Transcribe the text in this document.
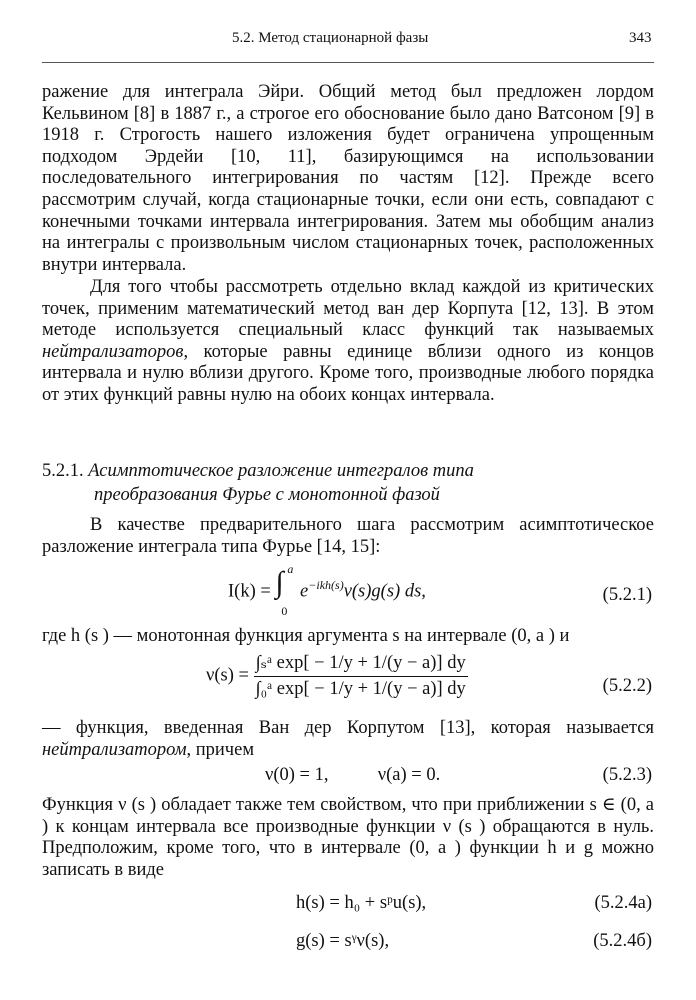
5.2. Метод стационарной фазы	343

ражение для интеграла Эйри. Общий метод был предложен лордом Кельвином [8] в 1887 г., а строгое его обоснование было дано Ватсоном [9] в 1918 г. Строгость нашего изложения будет ограничена упрощенным подходом Эрдейи [10, 11], базирующимся на использовании последовательного интегрирования по частям [12]. Прежде всего рассмотрим случай, когда стационарные точки, если они есть, совпадают с конечными точками интервала интегрирования. Затем мы обобщим анализ на интегралы с произвольным числом стационарных точек, расположенных внутри интервала.

Для того чтобы рассмотреть отдельно вклад каждой из критических точек, применим математический метод ван дер Корпута [12, 13]. В этом методе используется специальный класс функций так называемых нейтрализаторов, которые равны единице вблизи одного из концов интервала и нулю вблизи другого. Кроме того, производные любого порядка от этих функций равны нулю на обоих концах интервала.

5.2.1. Асимптотическое разложение интегралов типа
преобразования Фурье с монотонной фазой

В качестве предварительного шага рассмотрим асимптотическое разложение интеграла типа Фурье [14, 15]:

I(k) = ∫ a
0
$e^{-ikh(s)}\nu(s)g(s)$ ds,	(5.2.1)

где h (s ) — монотонная функция аргумента s на интервале (0, a ) и

$\nu(s) = \frac{\text{∫ₛᵃ exp[ − 1/y + 1/(y − a)] dy}}{\text{∫₀ᵃ exp[ − 1/y + 1/(y − a)] dy}}$	(5.2.2)

— функция, введенная Ван дер Корпутом [13], которая называется нейтрализатором, причем

ν(0) = 1,	ν(a) = 0.	(5.2.3)

Функция ν (s ) обладает также тем свойством, что при приближении s ∈ (0, a ) к концам интервала все производные функции ν (s ) обращаются в нуль. Предположим, кроме того, что в интервале (0, a ) функции h и g можно записать в виде

h(s) = h₀ + sᵖu(s),	(5.2.4а)
g(s) = sᵞν(s),	(5.2.4б)
